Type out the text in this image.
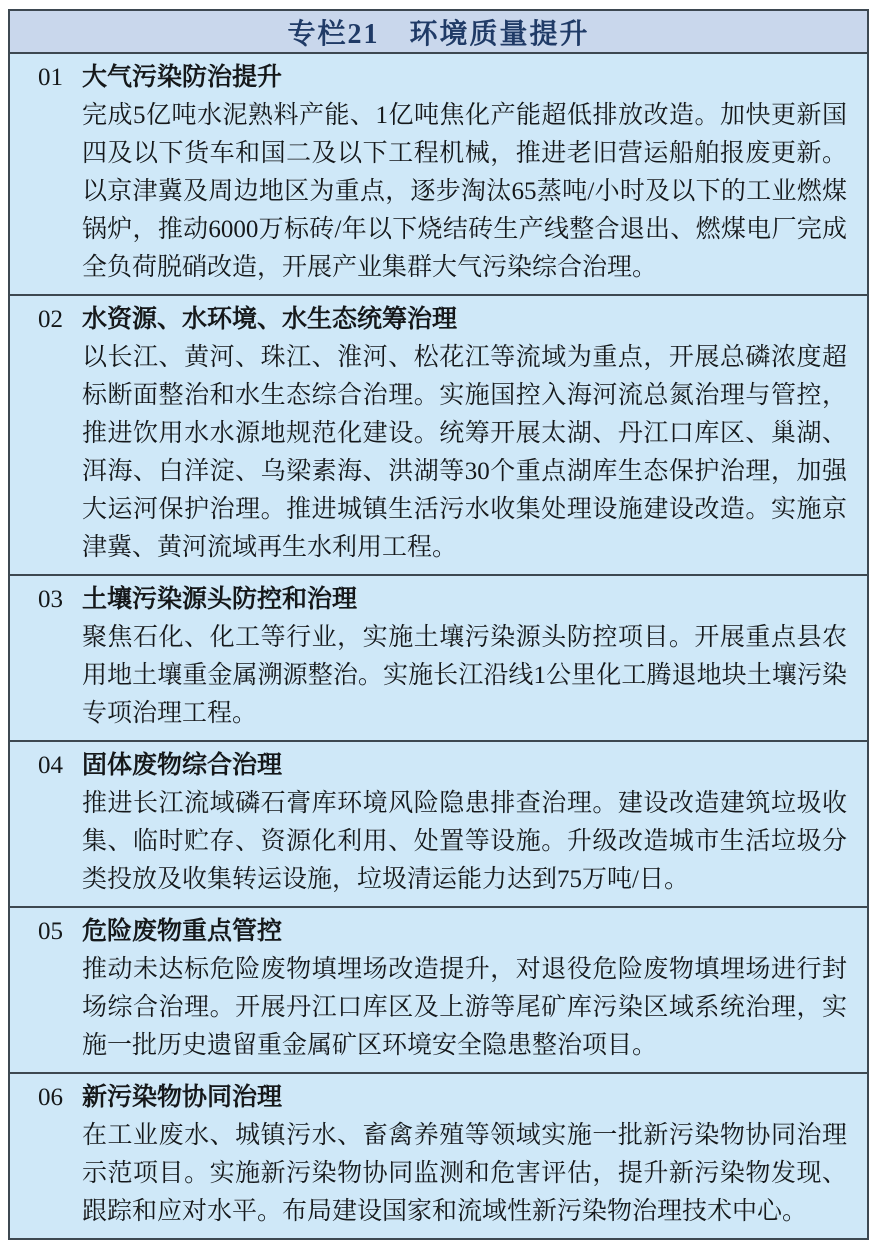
专栏21　环境质量提升
01 大气污染防治提升

完成5亿吨水泥熟料产能、1亿吨焦化产能超低排放改造。加快更新国四及以下货车和国二及以下工程机械，推进老旧营运船舶报废更新。以京津冀及周边地区为重点，逐步淘汰65蒸吨/小时及以下的工业燃煤锅炉，推动6000万标砖/年以下烧结砖生产线整合退出、燃煤电厂完成全负荷脱硝改造，开展产业集群大气污染综合治理。

02 水资源、水环境、水生态统筹治理

以长江、黄河、珠江、淮河、松花江等流域为重点，开展总磷浓度超标断面整治和水生态综合治理。实施国控入海河流总氮治理与管控，推进饮用水水源地规范化建设。统筹开展太湖、丹江口库区、巢湖、洱海、白洋淀、乌梁素海、洪湖等30个重点湖库生态保护治理，加强大运河保护治理。推进城镇生活污水收集处理设施建设改造。实施京津冀、黄河流域再生水利用工程。

03 土壤污染源头防控和治理

聚焦石化、化工等行业，实施土壤污染源头防控项目。开展重点县农用地土壤重金属溯源整治。实施长江沿线1公里化工腾退地块土壤污染专项治理工程。

04 固体废物综合治理

推进长江流域磷石膏库环境风险隐患排查治理。建设改造建筑垃圾收集、临时贮存、资源化利用、处置等设施。升级改造城市生活垃圾分类投放及收集转运设施，垃圾清运能力达到75万吨/日。

05 危险废物重点管控

推动未达标危险废物填埋场改造提升，对退役危险废物填埋场进行封场综合治理。开展丹江口库区及上游等尾矿库污染区域系统治理，实施一批历史遗留重金属矿区环境安全隐患整治项目。

06 新污染物协同治理

在工业废水、城镇污水、畜禽养殖等领域实施一批新污染物协同治理示范项目。实施新污染物协同监测和危害评估，提升新污染物发现、跟踪和应对水平。布局建设国家和流域性新污染物治理技术中心。
